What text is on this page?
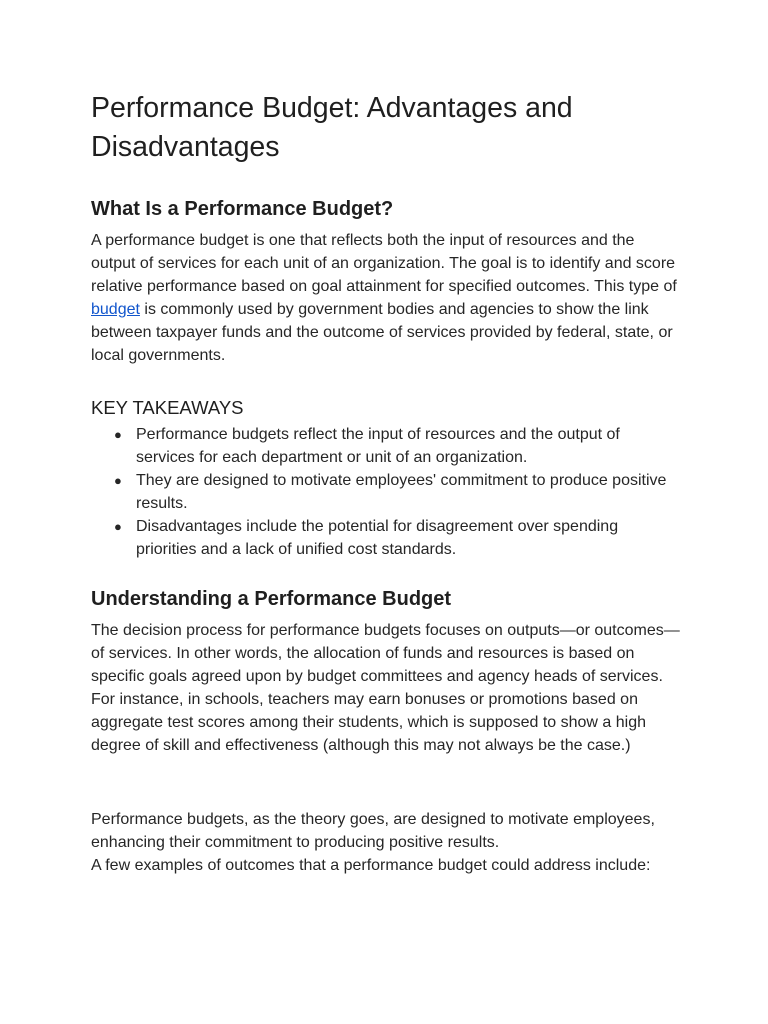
Performance Budget: Advantages and Disadvantages
What Is a Performance Budget?

A performance budget is one that reflects both the input of resources and the output of services for each unit of an organization. The goal is to identify and score relative performance based on goal attainment for specified outcomes. This type of budget is commonly used by government bodies and agencies to show the link between taxpayer funds and the outcome of services provided by federal, state, or local governments.

KEY TAKEAWAYS
● Performance budgets reflect the input of resources and the output of services for each department or unit of an organization.
● They are designed to motivate employees' commitment to produce positive results.
● Disadvantages include the potential for disagreement over spending priorities and a lack of unified cost standards.
Understanding a Performance Budget

The decision process for performance budgets focuses on outputs—or outcomes—of services. In other words, the allocation of funds and resources is based on specific goals agreed upon by budget committees and agency heads of services. For instance, in schools, teachers may earn bonuses or promotions based on aggregate test scores among their students, which is supposed to show a high degree of skill and effectiveness (although this may not always be the case.)

Performance budgets, as the theory goes, are designed to motivate employees, enhancing their commitment to producing positive results.

A few examples of outcomes that a performance budget could address include:
